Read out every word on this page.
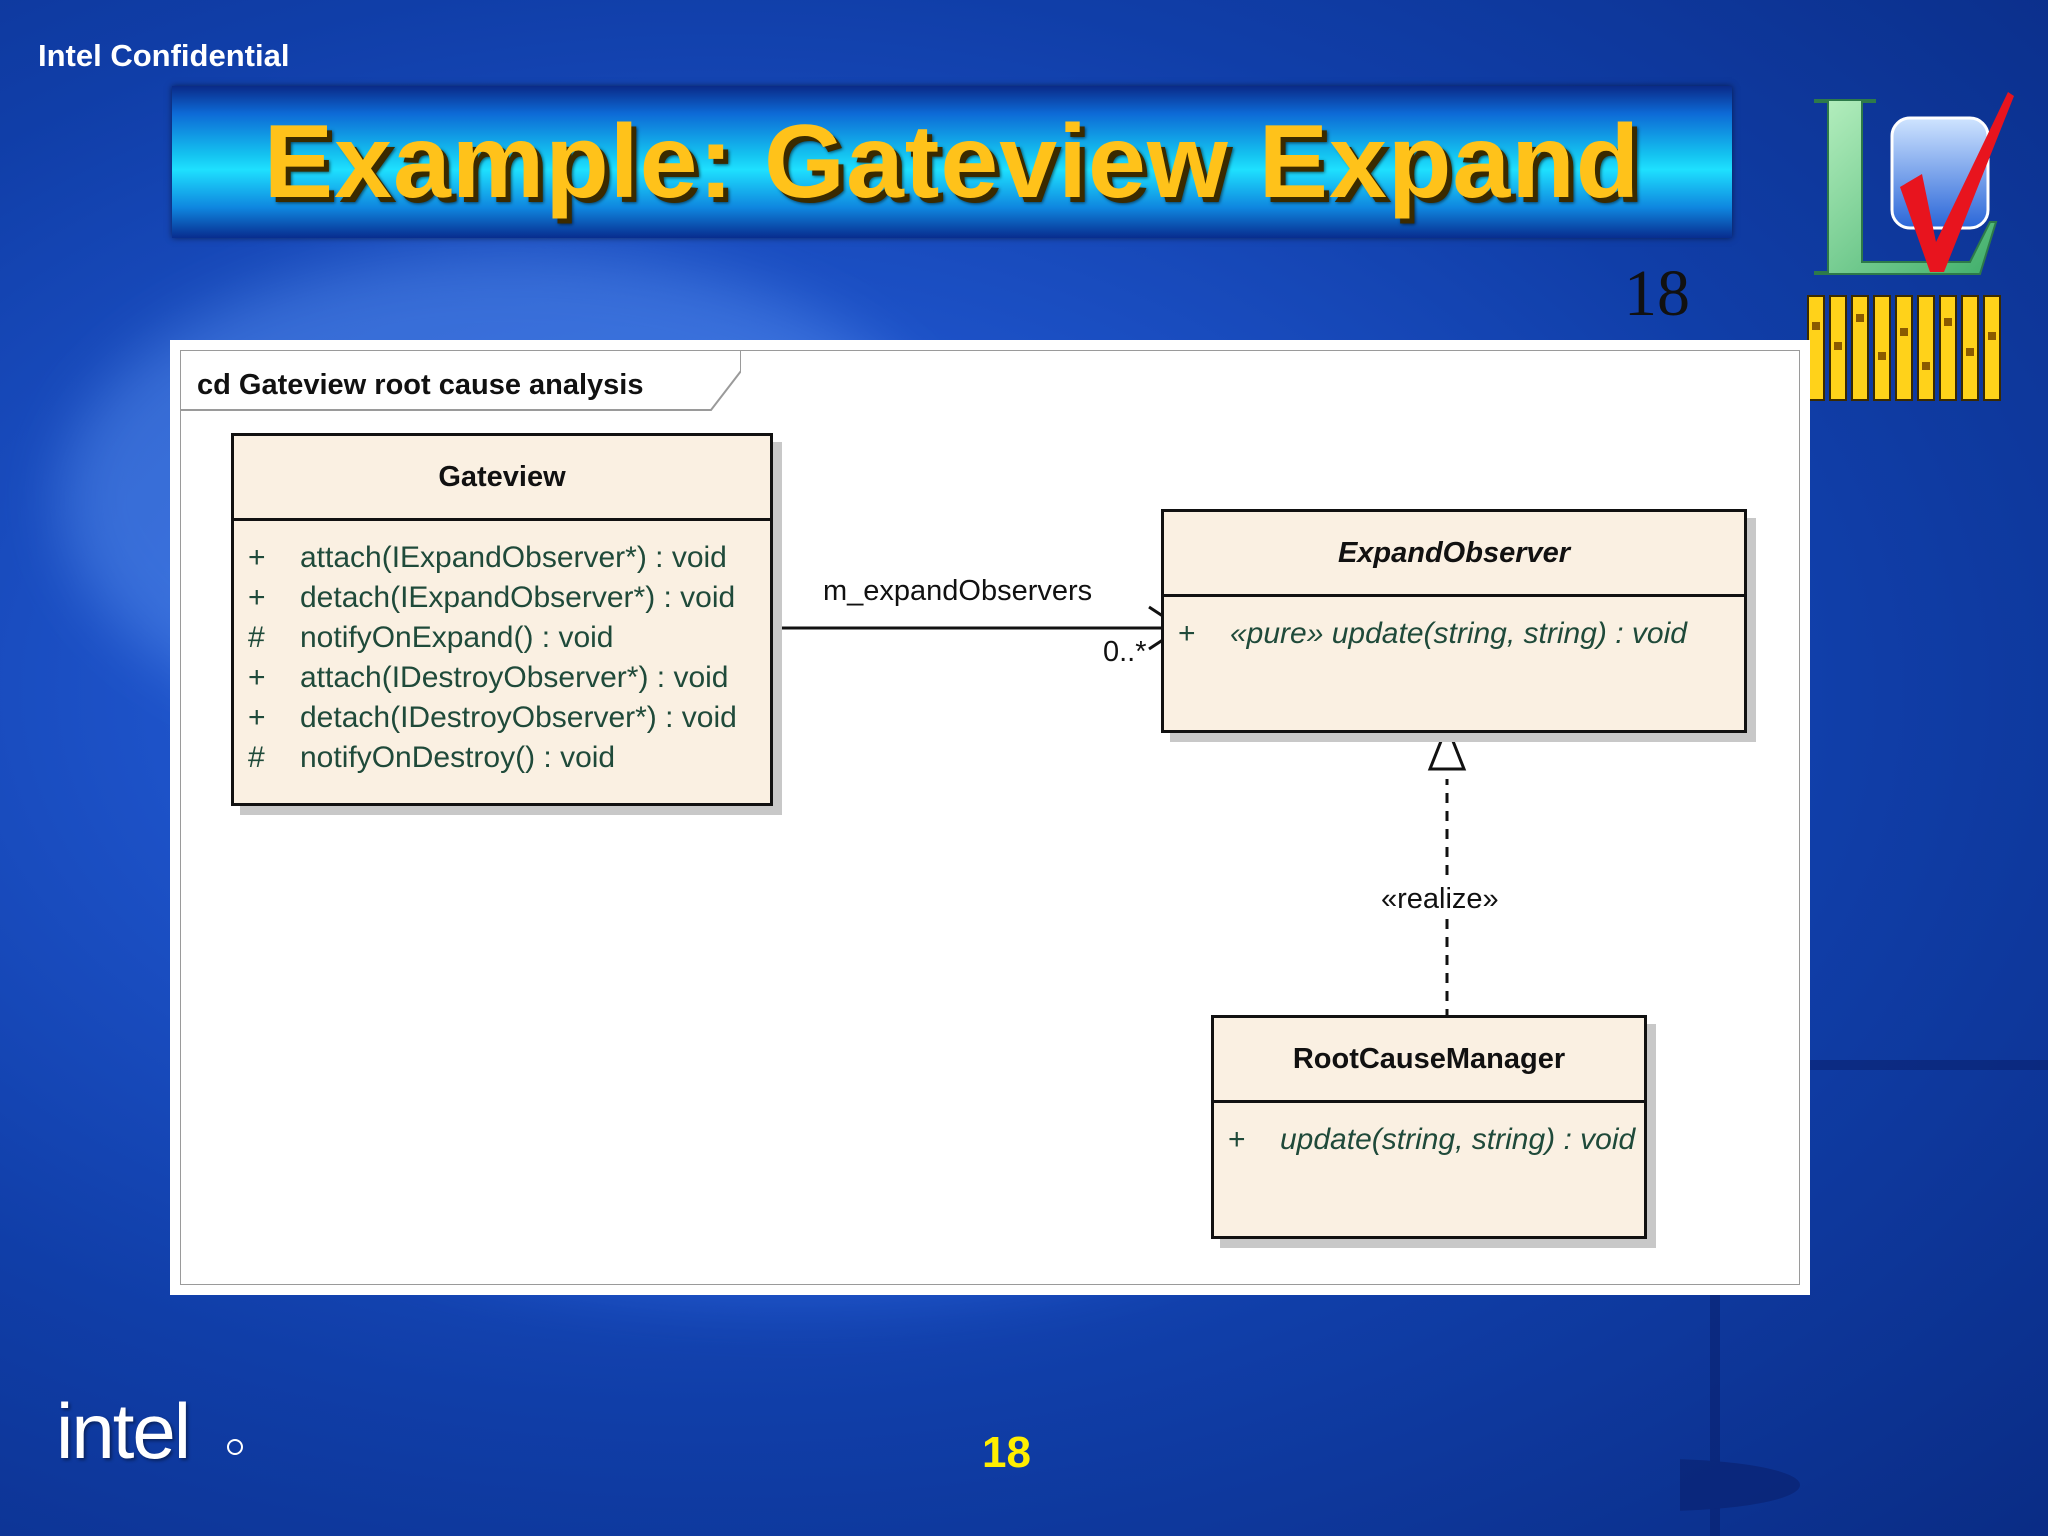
Intel Confidential
Example: Gateview Expand
18
cd Gateview root cause analysis
m_expandObservers
0..*
«realize»
Gateview
+	attach(IExpandObserver*) : void
+	detach(IExpandObserver*) : void
#	notifyOnExpand() : void
+	attach(IDestroyObserver*) : void
+	detach(IDestroyObserver*) : void
#	notifyOnDestroy() : void
ExpandObserver
+	«pure» update(string, string) : void
RootCauseManager
+	update(string, string) : void
intel	18
